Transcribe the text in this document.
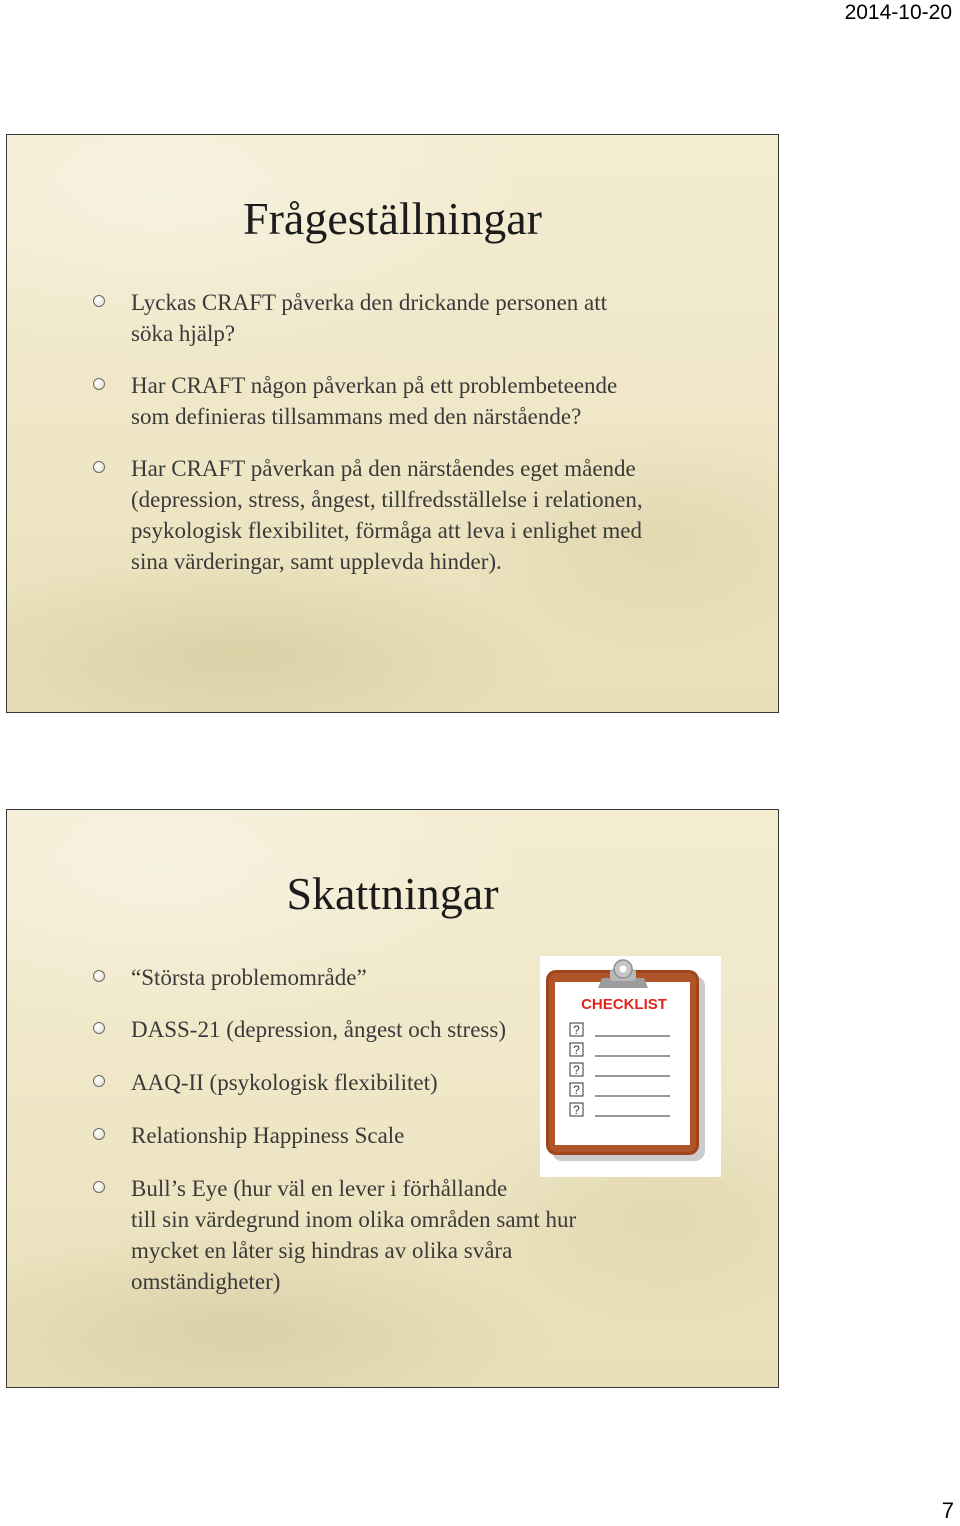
2014-10-20
Frågeställningar
Lyckas CRAFT påverka den drickande personen att
söka hjälp?
Har CRAFT någon påverkan på ett problembeteende
som definieras tillsammans med den närstående?
Har CRAFT påverkan på den närståendes eget mående
(depression, stress, ångest, tillfredsställelse i relationen,
psykologisk flexibilitet, förmåga att leva i enlighet med
sina värderingar, samt upplevda hinder).
Skattningar
“Största problemområde”
DASS-21 (depression, ångest och stress)
AAQ-II (psykologisk flexibilitet)
Relationship Happiness Scale
Bull’s Eye (hur väl en lever i förhållande
till sin värdegrund inom olika områden samt hur
mycket en låter sig hindras av olika svåra
omständigheter)
CHECKLIST
?
?
?
?
?
7
